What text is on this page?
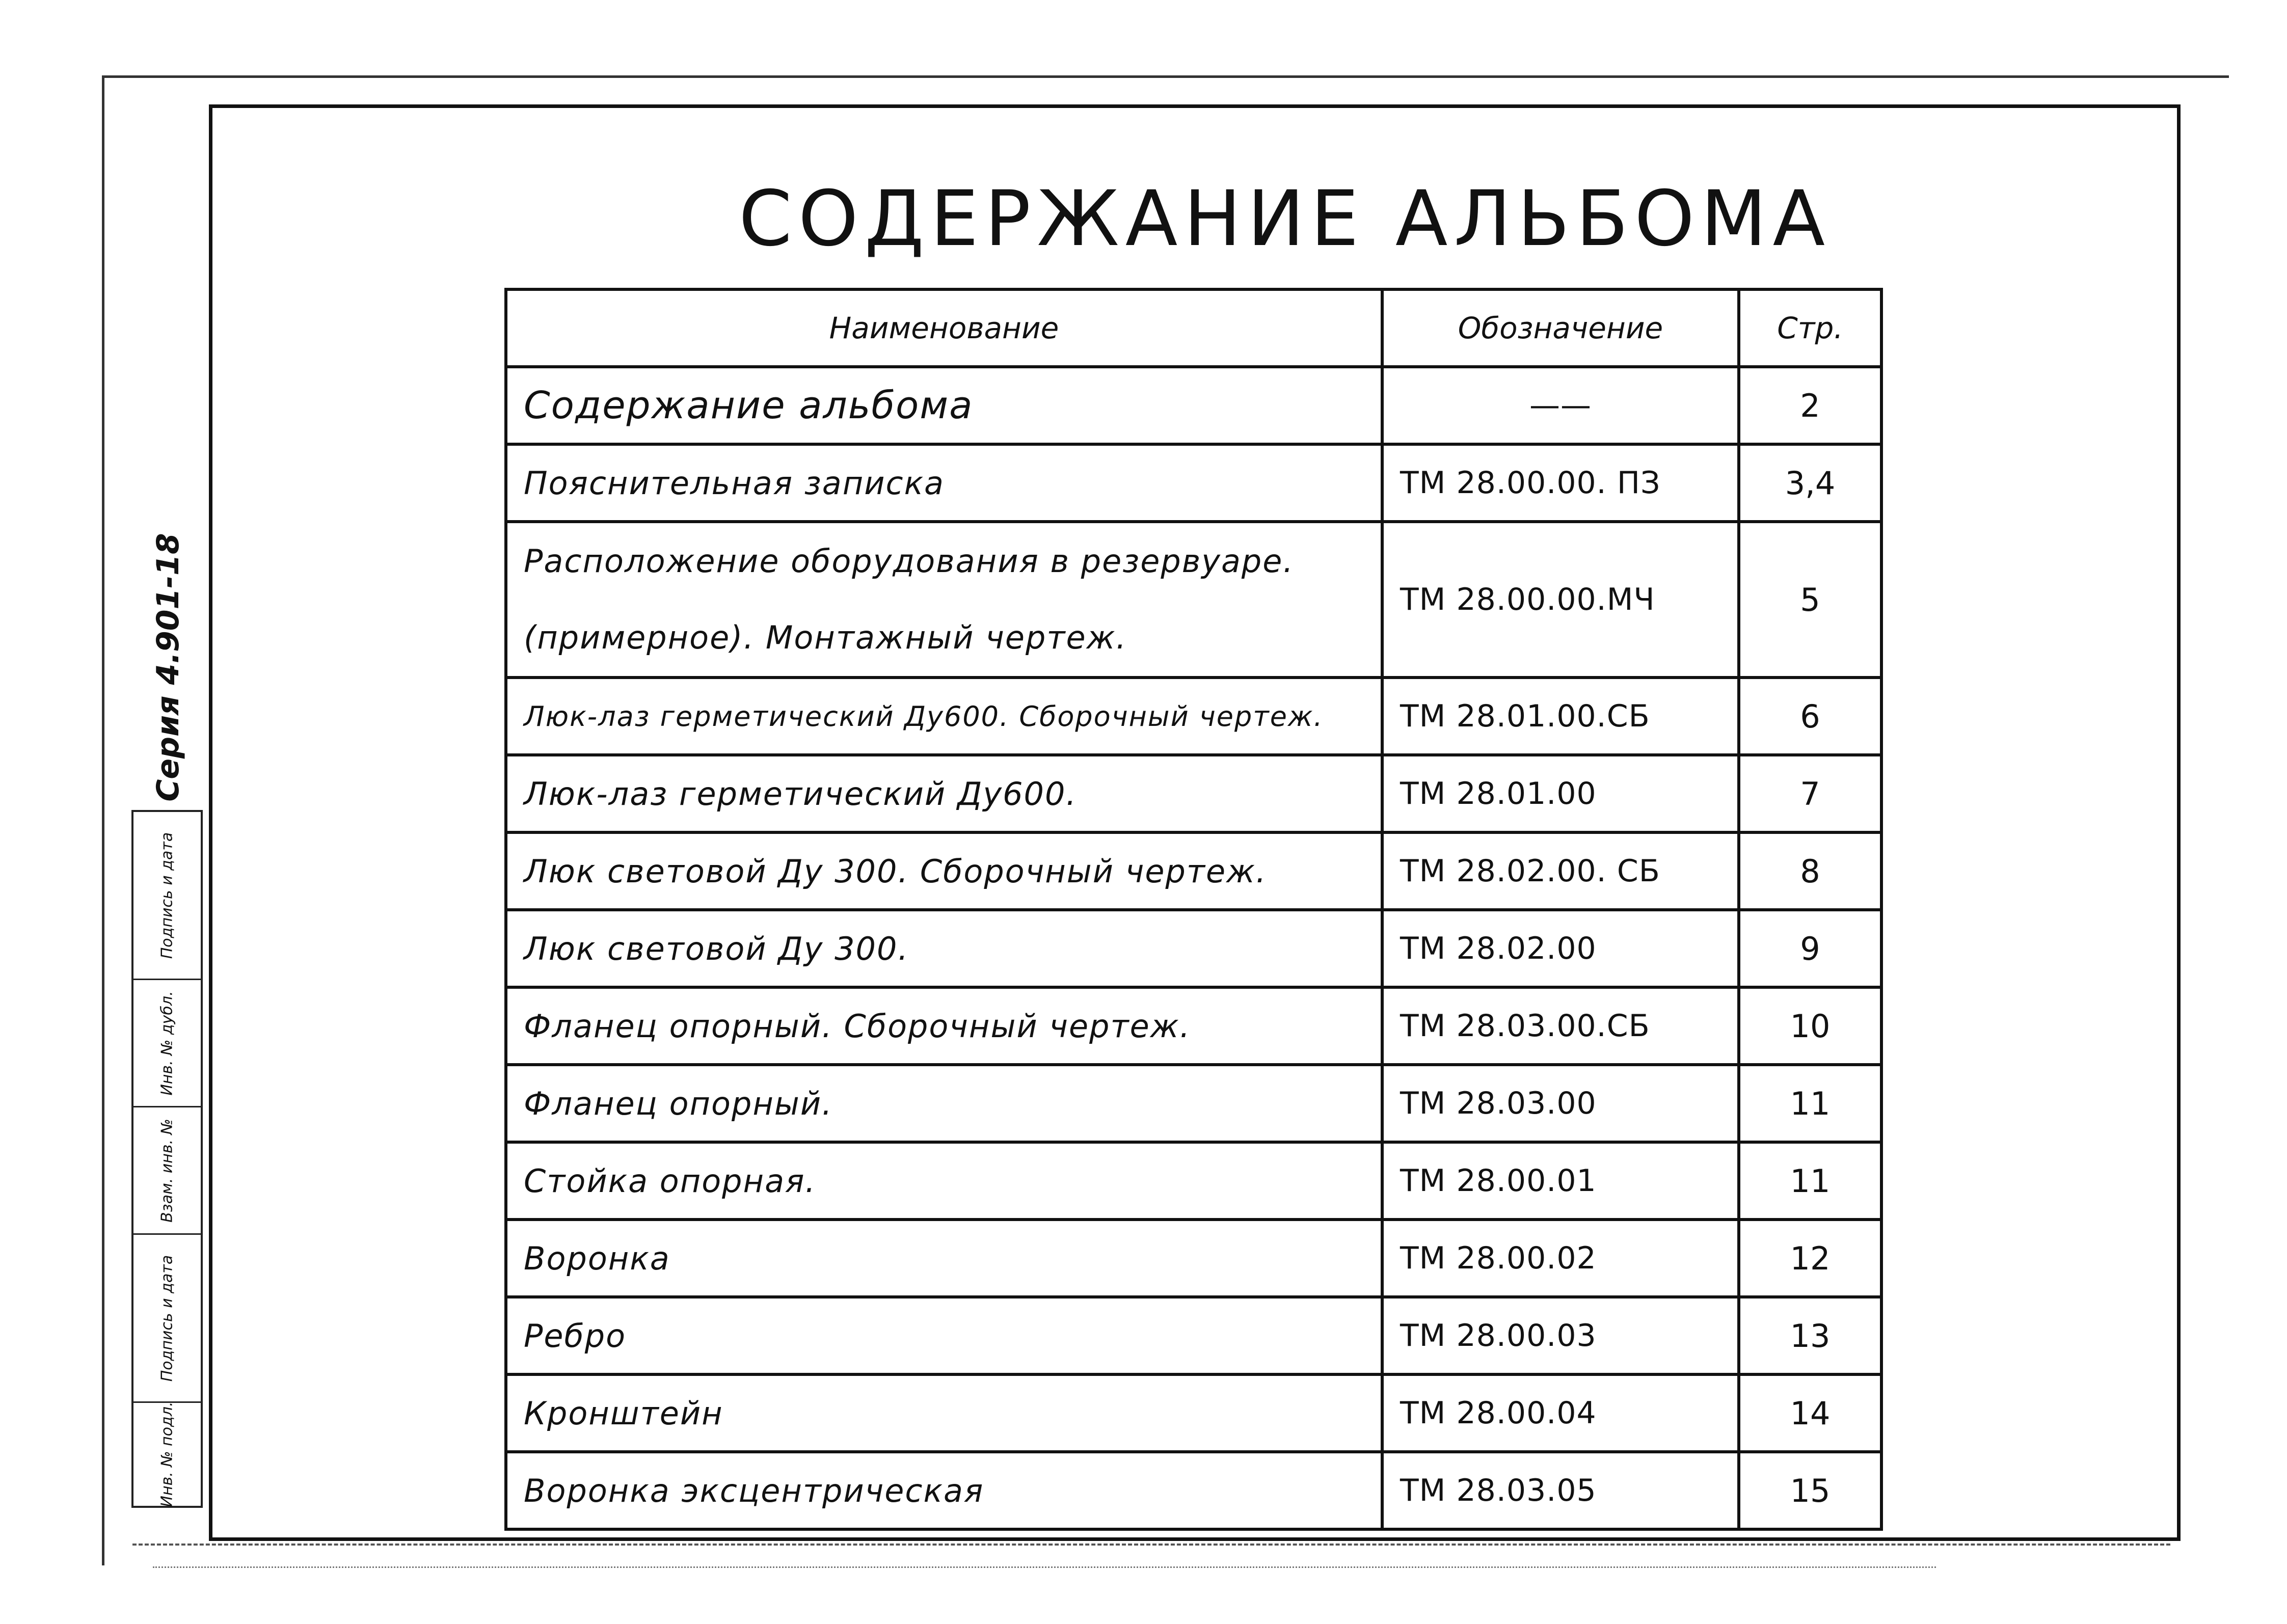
СОДЕРЖАНИЕ АЛЬБОМА
Серия 4.901-18
Подпись и дата
Инв. № дубл.
Взам. инв. №
Подпись и дата
Инв. № подл.
Наименование	Обозначение	Стр.
Содержание альбома	——	2
Пояснительная записка	ТМ 28.00.00. ПЗ	3,4

Расположение оборудования в резервуаре.
(примерное). Монтажный чертеж.	ТМ 28.00.00.МЧ	5
Люк-лаз герметический Ду600. Сборочный чертеж.	ТМ 28.01.00.СБ	6
Люк-лаз герметический Ду600.	ТМ 28.01.00	7
Люк световой Ду 300. Сборочный чертеж.	ТМ 28.02.00. СБ	8
Люк световой Ду 300.	ТМ 28.02.00	9
Фланец опорный. Сборочный чертеж.	ТМ 28.03.00.СБ	10
Фланец опорный.	ТМ 28.03.00	11
Стойка опорная.	ТМ 28.00.01	11
Воронка	ТМ 28.00.02	12
Ребро	ТМ 28.00.03	13
Кронштейн	ТМ 28.00.04	14
Воронка эксцентрическая	ТМ 28.03.05	15
